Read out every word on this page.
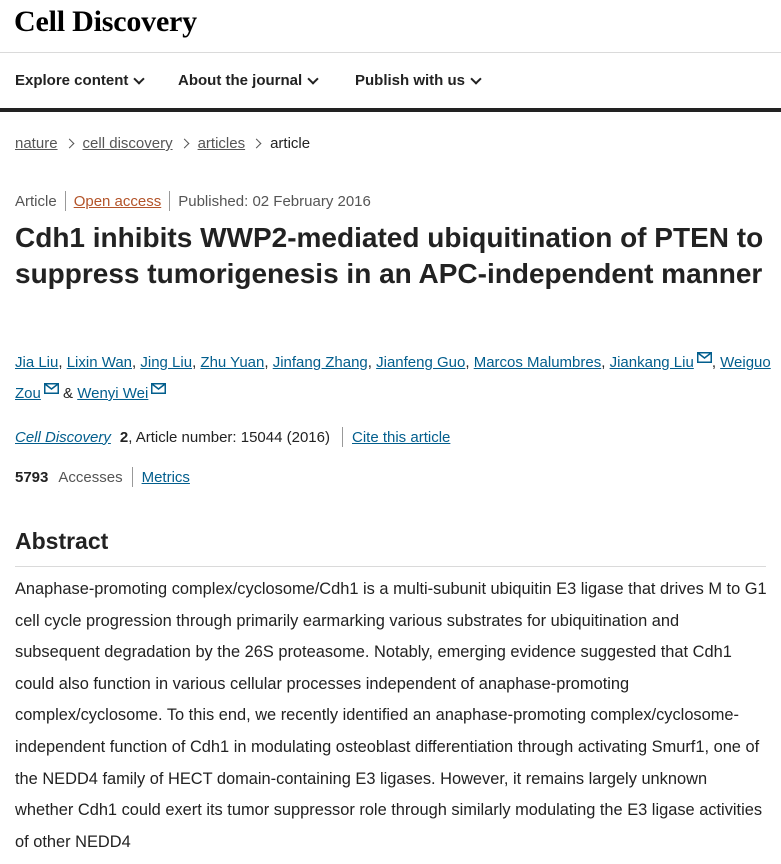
Cell Discovery
Explore content	About the journal	Publish with us
nature cell discovery articles article
Article Open access Published: 02 February 2016
Cdh1 inhibits WWP2-mediated ubiquitination of PTEN to suppress tumorigenesis in an APC-independent manner
Jia Liu, Lixin Wan, Jing Liu, Zhu Yuan, Jinfang Zhang, Jianfeng Guo, Marcos Malumbres, Jiankang Liu , Weiguo Zou & Wenyi Wei
Cell Discovery 2 , Article number: 15044 (2016) Cite this article
5793 Accesses Metrics
Abstract

Anaphase-promoting complex/cyclosome/Cdh1 is a multi-subunit ubiquitin E3 ligase that drives M to G1 cell cycle progression through primarily earmarking various substrates for ubiquitination and subsequent degradation by the 26S proteasome. Notably, emerging evidence suggested that Cdh1 could also function in various cellular processes independent of anaphase-promoting complex/cyclosome. To this end, we recently identified an anaphase-promoting complex/cyclosome-independent function of Cdh1 in modulating osteoblast differentiation through activating Smurf1, one of the NEDD4 family of HECT domain-containing E3 ligases. However, it remains largely unknown whether Cdh1 could exert its tumor suppressor role through similarly modulating the E3 ligase activities of other NEDD4
